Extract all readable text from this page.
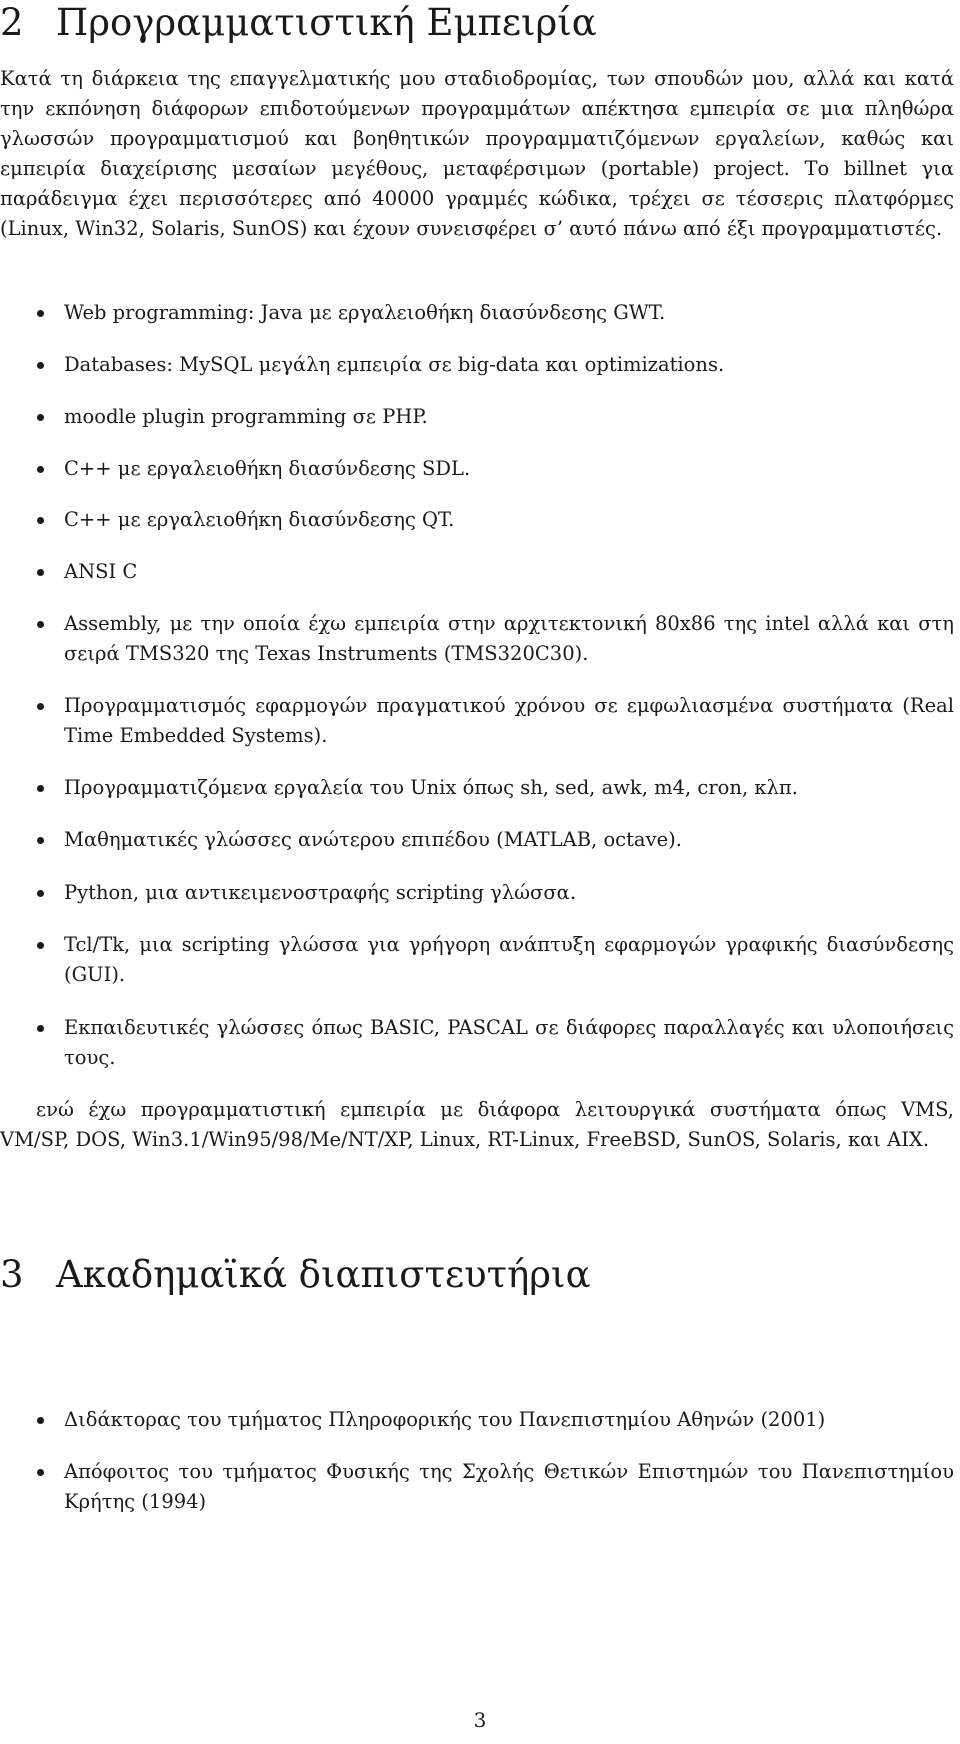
2 Προγραμματιστική Εμπειρία

Κατά τη διάρκεια της επαγγελματικής μου σταδιοδρομίας, των σπουδών μου, αλλά και κατά την εκπόνηση διάφορων επιδοτούμενων προγραμμάτων απέκτησα εμπειρία σε μια πληθώρα γλωσσών προγραμματισμού και βοηθητικών προγραμματιζόμενων εργαλείων, καθώς και εμπειρία διαχείρισης μεσαίων μεγέθους, μεταφέρσιμων (portable) project. Το billnet για παράδειγμα έχει περισσότερες από 40000 γραμμές κώδικα, τρέχει σε τέσσερις πλατφόρμες (Linux, Win32, Solaris, SunOS) και έχουν συνεισφέρει σ’ αυτό πάνω από έξι προγραμματιστές.

Web programming: Java με εργαλειοθήκη διασύνδεσης GWT.
Databases: MySQL μεγάλη εμπειρία σε big-data και optimizations.
moodle plugin programming σε PHP.
C++ με εργαλειοθήκη διασύνδεσης SDL.
C++ με εργαλειοθήκη διασύνδεσης QT.
ANSI C
Assembly, με την οποία έχω εμπειρία στην αρχιτεκτονική 80x86 της intel αλλά και στη σειρά TMS320 της Texas Instruments (TMS320C30).
Προγραμματισμός εφαρμογών πραγματικού χρόνου σε εμφωλιασμένα συστήματα (Real Time Embedded Systems).
Προγραμματιζόμενα εργαλεία του Unix όπως sh, sed, awk, m4, cron, κλπ.
Μαθηματικές γλώσσες ανώτερου επιπέδου (MATLAB, octave).
Python, μια αντικειμενοστραφής scripting γλώσσα.
Tcl/Tk, μια scripting γλώσσα για γρήγορη ανάπτυξη εφαρμογών γραφικής διασύνδεσης (GUI).
Εκπαιδευτικές γλώσσες όπως BASIC, PASCAL σε διάφορες παραλλαγές και υλοποιήσεις τους.

ενώ έχω προγραμματιστική εμπειρία με διάφορα λειτουργικά συστήματα όπως VMS, VM/SP, DOS, Win3.1/Win95/98/Me/NT/XP, Linux, RT-Linux, FreeBSD, SunOS, Solaris, και AIX.

3 Ακαδημαϊκά διαπιστευτήρια
Διδάκτορας του τμήματος Πληροφορικής του Πανεπιστημίου Αθηνών (2001)
Απόφοιτος του τμήματος Φυσικής της Σχολής Θετικών Επιστημών του Πανεπιστημίου Κρήτης (1994)
3
